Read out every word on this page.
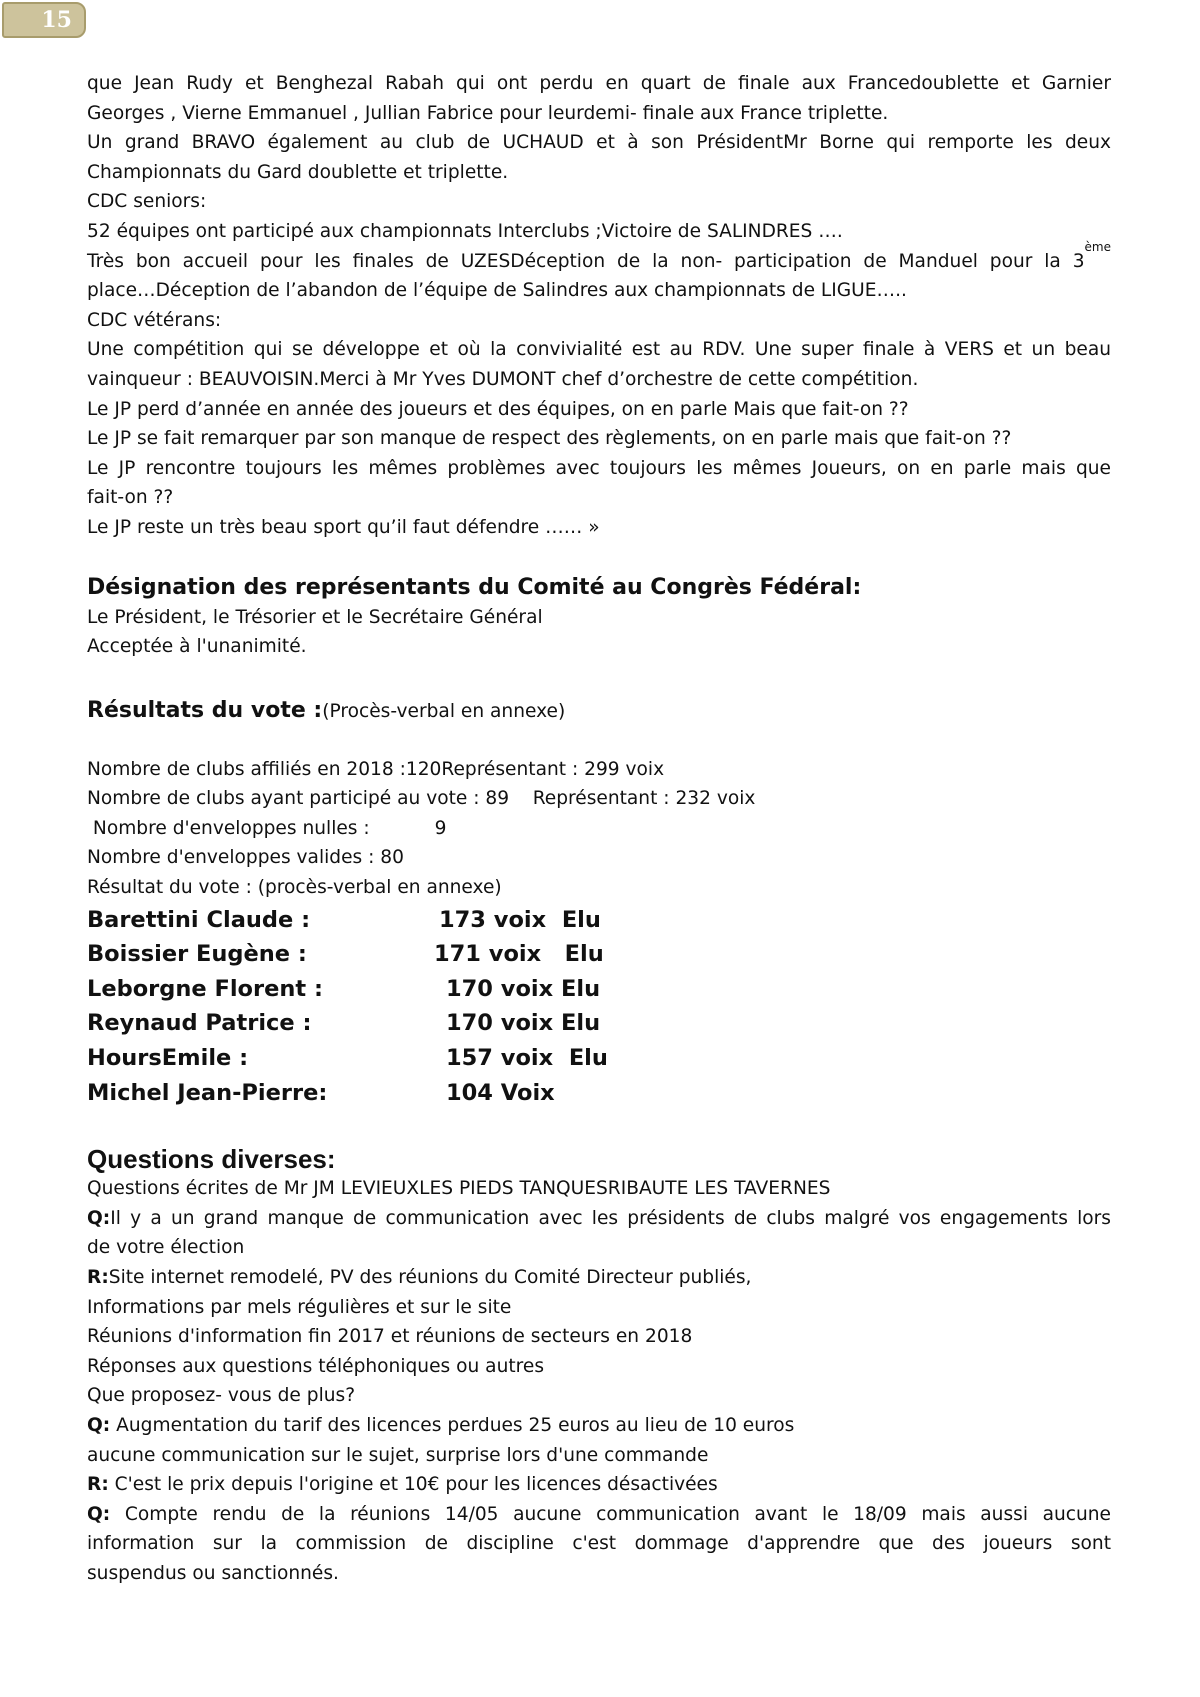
15

que Jean Rudy et Benghezal Rabah qui ont perdu en quart de finale aux Francedoublette et Garnier

Georges , Vierne Emmanuel , Jullian Fabrice pour leurdemi- finale aux France triplette.

Un grand BRAVO également au club de UCHAUD et à son PrésidentMr Borne qui remporte les deux

Championnats du Gard doublette et triplette.

CDC seniors:

52 équipes ont participé aux championnats Interclubs ;Victoire de SALINDRES ….

Très bon accueil pour les finales de UZESDéception de la non- participation de Manduel pour la 3
ème

place…Déception de l’abandon de l’équipe de Salindres aux championnats de LIGUE…..

CDC vétérans:

Une compétition qui se développe et où la convivialité est au RDV. Une super finale à VERS et un beau

vainqueur : BEAUVOISIN.Merci à Mr Yves DUMONT chef d’orchestre de cette compétition.

Le JP perd d’année en année des joueurs et des équipes, on en parle Mais que fait-on ??

Le JP se fait remarquer par son manque de respect des règlements, on en parle mais que fait-on ??

Le JP rencontre toujours les mêmes problèmes avec toujours les mêmes Joueurs, on en parle mais que

fait-on ??

Le JP reste un très beau sport qu’il faut défendre …… »

Désignation des représentants du Comité au Congrès Fédéral:

Le Président, le Trésorier et le Secrétaire Général

Acceptée à l'unanimité.

Résultats du vote :(Procès-verbal en annexe)

Nombre de clubs affiliés en 2018 :120Représentant : 299 voix

Nombre de clubs ayant participé au vote : 89    Représentant : 232 voix

Nombre d'enveloppes nulles :           9

Nombre d'enveloppes valides : 80

Résultat du vote : (procès-verbal en annexe)

Barettini Claude :	173 voix  Elu
Boissier Eugène :	171 voix   Elu
Leborgne Florent :	170 voix Elu
Reynaud Patrice :	170 voix Elu
HoursEmile :	157 voix  Elu
Michel Jean-Pierre:	104 Voix
Questions diverses:

Questions écrites de Mr JM LEVIEUXLES PIEDS TANQUESRIBAUTE LES TAVERNES

Q:Il y a un grand manque de communication avec les présidents de clubs malgré vos engagements lors

de votre élection

R:Site internet remodelé, PV des réunions du Comité Directeur publiés,

Informations par mels régulières et sur le site

Réunions d'information fin 2017 et réunions de secteurs en 2018

Réponses aux questions téléphoniques ou autres

Que proposez- vous de plus?

Q: Augmentation du tarif des licences perdues 25 euros au lieu de 10 euros

aucune communication sur le sujet, surprise lors d'une commande

R: C'est le prix depuis l'origine et 10€ pour les licences désactivées

Q: Compte rendu de la réunions 14/05 aucune communication avant le 18/09 mais aussi aucune

information sur la commission de discipline c'est dommage d'apprendre que des joueurs sont

suspendus ou sanctionnés.
